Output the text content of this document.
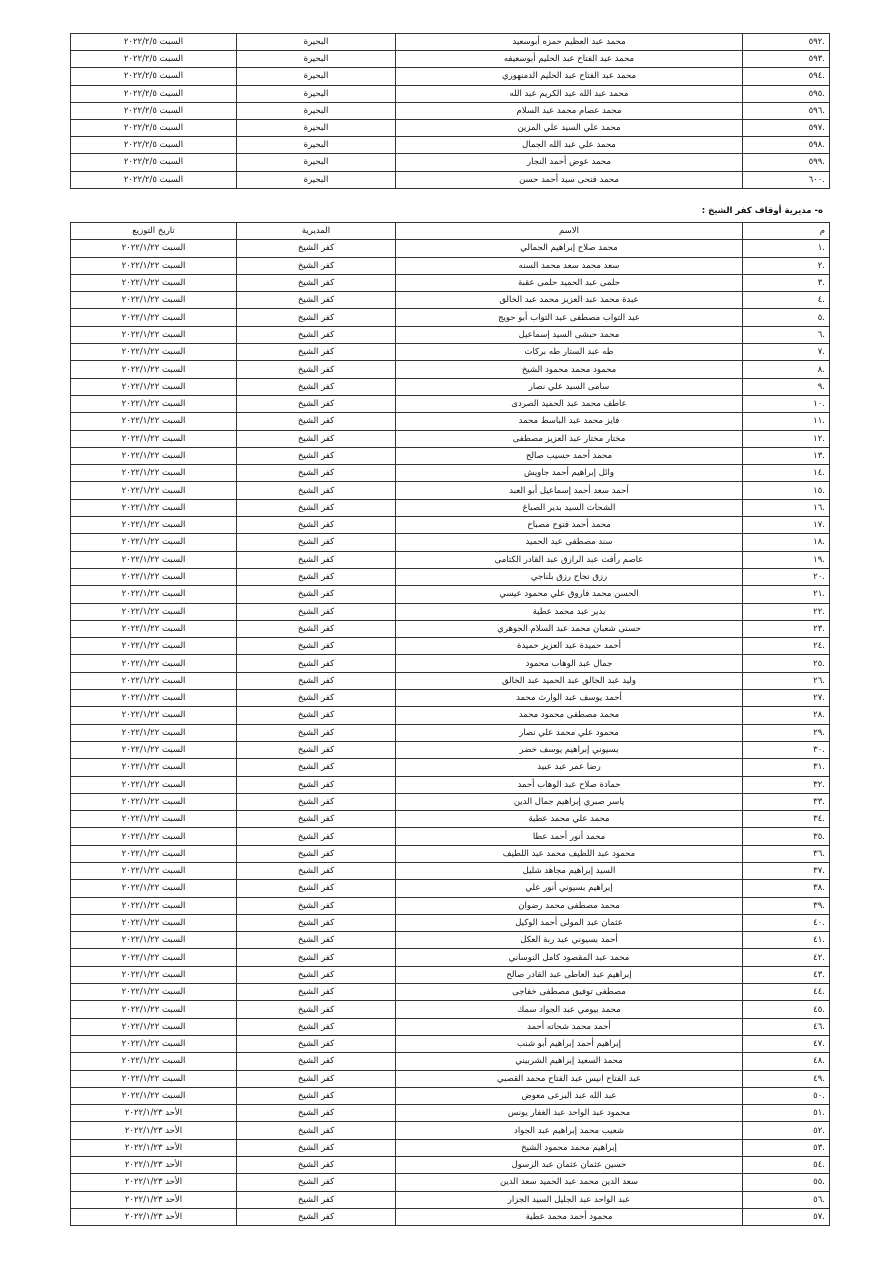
.٥٩٢	محمد عبد العظيم حمزه أبوسعيد	البحيرة	السبت ٢٠٢٢/٢/٥
.٥٩٣	محمد عبد الفتاح عبد الحليم أبوسعيفه	البحيرة	السبت ٢٠٢٢/٢/٥
.٥٩٤	محمد عبد الفتاح عبد الحليم الدمنهوري	البحيرة	السبت ٢٠٢٢/٢/٥
.٥٩٥	محمد عبد الله عبد الكريم عبد الله	البحيرة	السبت ٢٠٢٢/٢/٥
.٥٩٦	محمد عصام محمد عبد السلام	البحيرة	السبت ٢٠٢٢/٢/٥
.٥٩٧	محمد علي السيد علي المزين	البحيرة	السبت ٢٠٢٢/٢/٥
.٥٩٨	محمد علي عبد الله الجمال	البحيرة	السبت ٢٠٢٢/٢/٥
.٥٩٩	محمد عوض أحمد النجار	البحيرة	السبت ٢٠٢٢/٢/٥
.٦٠٠	محمد فتحى سيد أحمد حسن	البحيرة	السبت ٢٠٢٢/٢/٥
ه- مديرية أوقاف كفر الشيخ :
م	الاسم	المديرية	تاريخ التوزيع
.١	محمد صلاح إبراهيم الجمالي	كفر الشيخ	السبت ٢٠٢٢/١/٢٢
.٢	سعد محمد سعد محمد السنه	كفر الشيخ	السبت ٢٠٢٢/١/٢٢
.٣	حلمى عبد الحميد حلمى عقبة	كفر الشيخ	السبت ٢٠٢٢/١/٢٢
.٤	عبدة محمد عبد العزيز محمد عبد الخالق	كفر الشيخ	السبت ٢٠٢٢/١/٢٢
.٥	عبد التواب مصطفى عبد التواب أبو حويج	كفر الشيخ	السبت ٢٠٢٢/١/٢٢
.٦	محمد حبشى السيد إسماعيل	كفر الشيخ	السبت ٢٠٢٢/١/٢٢
.٧	طه عبد الستار طه بركات	كفر الشيخ	السبت ٢٠٢٢/١/٢٢
.٨	محمود محمد محمود الشيخ	كفر الشيخ	السبت ٢٠٢٢/١/٢٢
.٩	سامى السيد علي نصار	كفر الشيخ	السبت ٢٠٢٢/١/٢٢
.١٠	عاطف محمد عبد الحميد الصردى	كفر الشيخ	السبت ٢٠٢٢/١/٢٢
.١١	فايز محمد عبد الباسط محمد	كفر الشيخ	السبت ٢٠٢٢/١/٢٢
.١٢	مختار مختار عبد العزيز مصطفى	كفر الشيخ	السبت ٢٠٢٢/١/٢٢
.١٣	محمد أحمد حسيب صالح	كفر الشيخ	السبت ٢٠٢٢/١/٢٢
.١٤	وائل إبراهيم أحمد جاويش	كفر الشيخ	السبت ٢٠٢٢/١/٢٢
.١٥	أحمد سعد أحمد إسماعيل أبو العبد	كفر الشيخ	السبت ٢٠٢٢/١/٢٢
.١٦	الشحات السيد بدير الصباغ	كفر الشيخ	السبت ٢٠٢٢/١/٢٢
.١٧	محمد أحمد فتوح مصباح	كفر الشيخ	السبت ٢٠٢٢/١/٢٢
.١٨	سند مصطفى عبد الحميد	كفر الشيخ	السبت ٢٠٢٢/١/٢٢
.١٩	عاصم رأفت عبد الرازق عبد القادر الكتامى	كفر الشيخ	السبت ٢٠٢٢/١/٢٢
.٢٠	رزق نجاح رزق بلناجي	كفر الشيخ	السبت ٢٠٢٢/١/٢٢
.٢١	الحسن محمد فاروق علي محمود عيسي	كفر الشيخ	السبت ٢٠٢٢/١/٢٢
.٢٢	بدير عبد محمد عطية	كفر الشيخ	السبت ٢٠٢٢/١/٢٢
.٢٣	حسنى شعبان محمد عبد السلام الجوهري	كفر الشيخ	السبت ٢٠٢٢/١/٢٢
.٢٤	أحمد حميدة عبد العزيز حميدة	كفر الشيخ	السبت ٢٠٢٢/١/٢٢
.٢٥	جمال عبد الوهاب محمود	كفر الشيخ	السبت ٢٠٢٢/١/٢٢
.٢٦	وليد عبد الخالق عبد الحميد عبد الخالق	كفر الشيخ	السبت ٢٠٢٢/١/٢٢
.٢٧	أحمد يوسف عبد الوارث محمد	كفر الشيخ	السبت ٢٠٢٢/١/٢٢
.٢٨	محمد مصطفى محمود محمد	كفر الشيخ	السبت ٢٠٢٢/١/٢٢
.٢٩	محمود علي محمد علي نصار	كفر الشيخ	السبت ٢٠٢٢/١/٢٢
.٣٠	بسيوني إبراهيم يوسف خضر	كفر الشيخ	السبت ٢٠٢٢/١/٢٢
.٣١	رضا عمر عبد عبيد	كفر الشيخ	السبت ٢٠٢٢/١/٢٢
.٣٢	حمادة صلاح عبد الوهاب أحمد	كفر الشيخ	السبت ٢٠٢٢/١/٢٢
.٣٣	ياسر صبري إبراهيم جمال الدين	كفر الشيخ	السبت ٢٠٢٢/١/٢٢
.٣٤	محمد علي محمد عطية	كفر الشيخ	السبت ٢٠٢٢/١/٢٢
.٣٥	محمد أنور أحمد عطا	كفر الشيخ	السبت ٢٠٢٢/١/٢٢
.٣٦	محمود عبد اللطيف محمد عبد اللطيف	كفر الشيخ	السبت ٢٠٢٢/١/٢٢
.٣٧	السيد إبراهيم مجاهد شليل	كفر الشيخ	السبت ٢٠٢٢/١/٢٢
.٣٨	إبراهيم بسيوني أنور علي	كفر الشيخ	السبت ٢٠٢٢/١/٢٢
.٣٩	محمد مصطفى محمد رضوان	كفر الشيخ	السبت ٢٠٢٢/١/٢٢
.٤٠	عثمان عبد المولى أحمد الوكيل	كفر الشيخ	السبت ٢٠٢٢/١/٢٢
.٤١	أحمد بسيوني عبد ربة العكل	كفر الشيخ	السبت ٢٠٢٢/١/٢٢
.٤٢	محمد عبد المقصود كامل النوساني	كفر الشيخ	السبت ٢٠٢٢/١/٢٢
.٤٣	إبراهيم عبد العاطى عبد القادر صالح	كفر الشيخ	السبت ٢٠٢٢/١/٢٢
.٤٤	مصطفى توفيق مصطفى خفاجى	كفر الشيخ	السبت ٢٠٢٢/١/٢٢
.٤٥	محمد بيومي عبد الجواد سمك	كفر الشيخ	السبت ٢٠٢٢/١/٢٢
.٤٦	أحمد محمد شحاته أحمد	كفر الشيخ	السبت ٢٠٢٢/١/٢٢
.٤٧	إبراهيم أحمد إبراهيم أبو شنب	كفر الشيخ	السبت ٢٠٢٢/١/٢٢
.٤٨	محمد السعيد إبراهيم الشربيني	كفر الشيخ	السبت ٢٠٢٢/١/٢٢
.٤٩	عبد الفتاح انيس عبد الفتاح محمد القصبي	كفر الشيخ	السبت ٢٠٢٢/١/٢٢
.٥٠	عبد الله عبد البرعى معوض	كفر الشيخ	السبت ٢٠٢٢/١/٢٢
.٥١	محمود عبد الواحد عبد الغفار يونس	كفر الشيخ	الأحد ٢٠٢٢/١/٢٣
.٥٢	شعيب محمد إبراهيم عبد الجواد	كفر الشيخ	الأحد ٢٠٢٢/١/٢٣
.٥٣	إبراهيم محمد محمود الشيخ	كفر الشيخ	الأحد ٢٠٢٢/١/٢٣
.٥٤	حسين عثمان عثمان عبد الرسول	كفر الشيخ	الأحد ٢٠٢٢/١/٢٣
.٥٥	سعد الدين محمد عبد الحميد سعد الدين	كفر الشيخ	الأحد ٢٠٢٢/١/٢٣
.٥٦	عبد الواحد عبد الجليل السيد الجزار	كفر الشيخ	الأحد ٢٠٢٢/١/٢٣
.٥٧	محمود أحمد محمد عطية	كفر الشيخ	الأحد ٢٠٢٢/١/٢٣
